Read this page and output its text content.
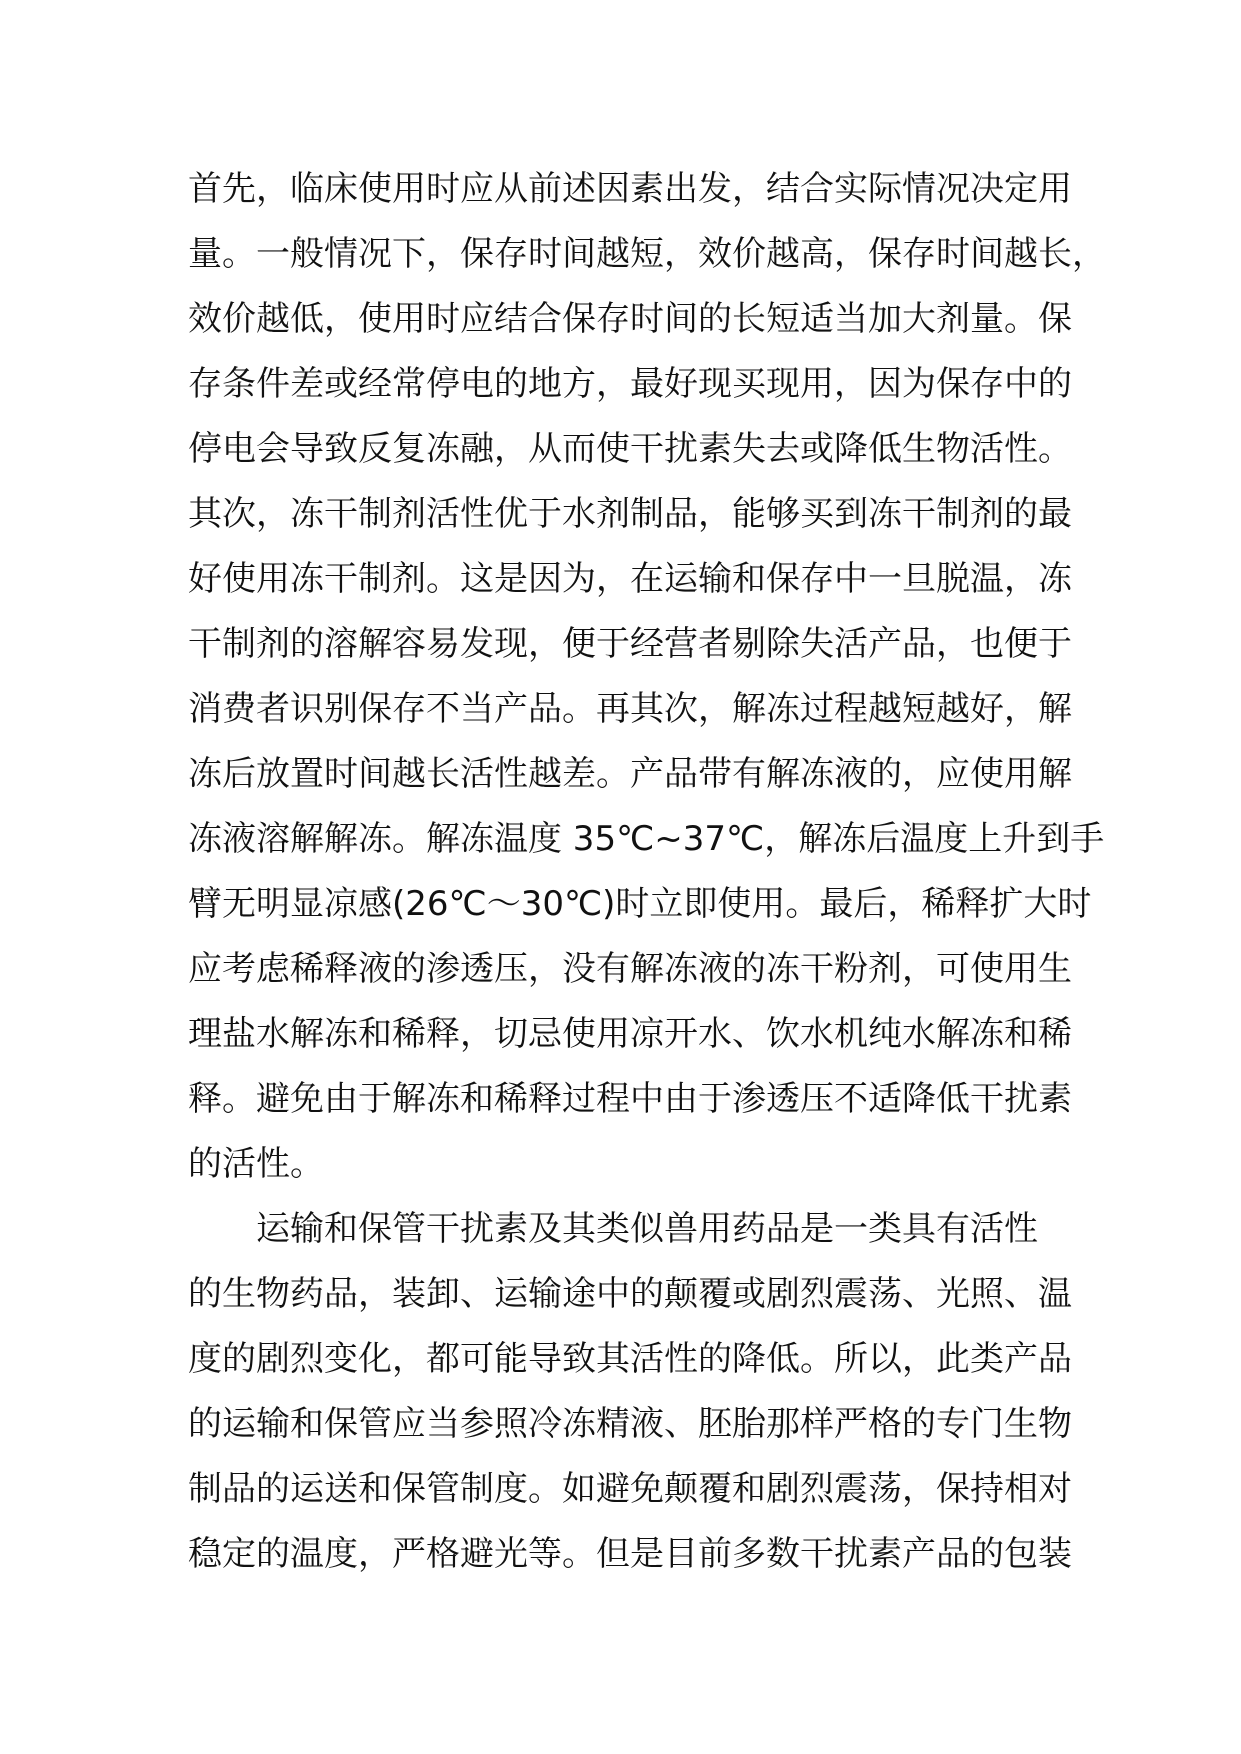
首先，临床使用时应从前述因素出发，结合实际情况决定用
量。一般情况下，保存时间越短，效价越高，保存时间越长，
效价越低，使用时应结合保存时间的长短适当加大剂量。保
存条件差或经常停电的地方，最好现买现用，因为保存中的
停电会导致反复冻融，从而使干扰素失去或降低生物活性。
其次，冻干制剂活性优于水剂制品，能够买到冻干制剂的最
好使用冻干制剂。这是因为，在运输和保存中一旦脱温，冻
干制剂的溶解容易发现，便于经营者剔除失活产品，也便于
消费者识别保存不当产品。再其次，解冻过程越短越好，解
冻后放置时间越长活性越差。产品带有解冻液的，应使用解
冻液溶解解冻。解冻温度 35℃~37℃，解冻后温度上升到手
臂无明显凉感(26℃～30℃)时立即使用。最后，稀释扩大时
应考虑稀释液的渗透压，没有解冻液的冻干粉剂，可使用生
理盐水解冻和稀释，切忌使用凉开水、饮水机纯水解冻和稀
释。避免由于解冻和稀释过程中由于渗透压不适降低干扰素
的活性。
运输和保管干扰素及其类似兽用药品是一类具有活性
的生物药品，装卸、运输途中的颠覆或剧烈震荡、光照、温
度的剧烈变化，都可能导致其活性的降低。所以，此类产品
的运输和保管应当参照冷冻精液、胚胎那样严格的专门生物
制品的运送和保管制度。如避免颠覆和剧烈震荡，保持相对
稳定的温度，严格避光等。但是目前多数干扰素产品的包装
